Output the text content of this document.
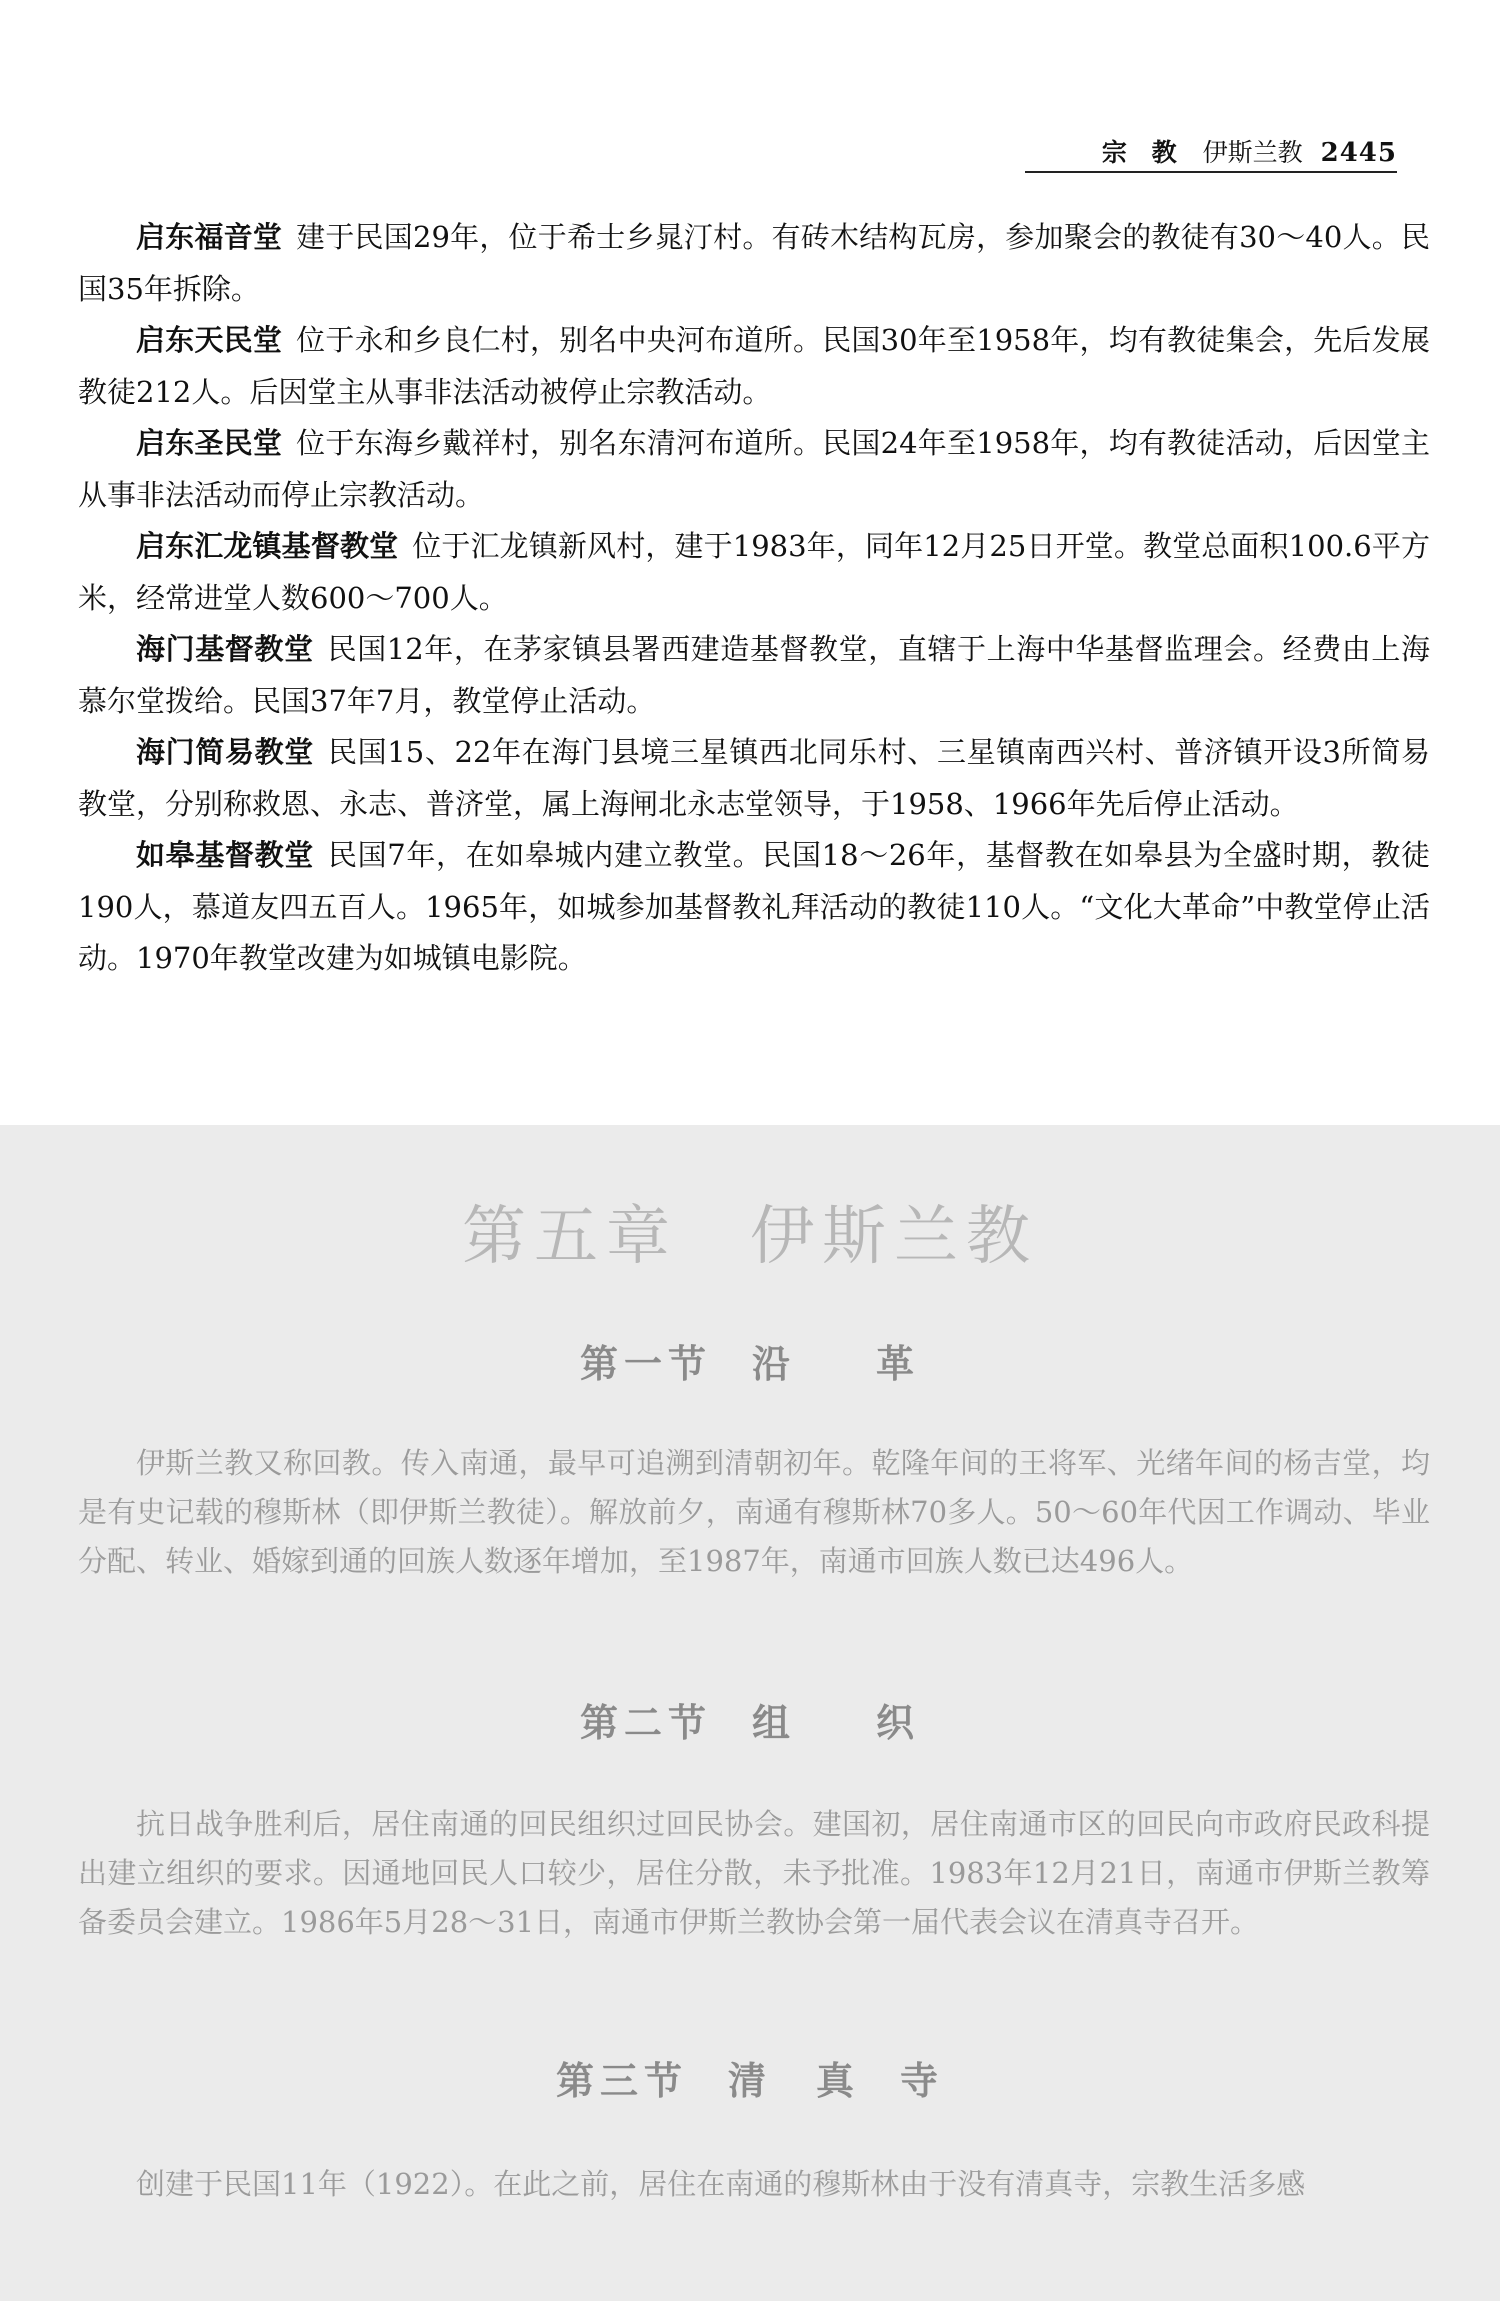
宗 教 伊斯兰教 2445

启东福音堂 建于民国29年，位于希士乡晁汀村。有砖木结构瓦房，参加聚会的教徒有30～40人。民国35年拆除。

启东天民堂 位于永和乡良仁村，别名中央河布道所。民国30年至1958年，均有教徒集会，先后发展教徒212人。后因堂主从事非法活动被停止宗教活动。

启东圣民堂 位于东海乡戴祥村，别名东清河布道所。民国24年至1958年，均有教徒活动，后因堂主从事非法活动而停止宗教活动。

启东汇龙镇基督教堂 位于汇龙镇新风村，建于1983年，同年12月25日开堂。教堂总面积100.6平方米，经常进堂人数600～700人。

海门基督教堂 民国12年，在茅家镇县署西建造基督教堂，直辖于上海中华基督监理会。经费由上海慕尔堂拨给。民国37年7月，教堂停止活动。

海门简易教堂 民国15、22年在海门县境三星镇西北同乐村、三星镇南西兴村、普济镇开设3所简易教堂，分别称救恩、永志、普济堂，属上海闸北永志堂领导，于1958、1966年先后停止活动。

如皋基督教堂 民国7年，在如皋城内建立教堂。民国18～26年，基督教在如皋县为全盛时期，教徒190人，慕道友四五百人。1965年，如城参加基督教礼拜活动的教徒110人。“文化大革命”中教堂停止活动。1970年教堂改建为如城镇电影院。

第五章　伊斯兰教
第一节 沿 革

伊斯兰教又称回教。传入南通，最早可追溯到清朝初年。乾隆年间的王将军、光绪年间的杨吉堂，均是有史记载的穆斯林（即伊斯兰教徒）。解放前夕，南通有穆斯林70多人。50～60年代因工作调动、毕业分配、转业、婚嫁到通的回族人数逐年增加，至1987年，南通市回族人数已达496人。

第二节 组 织

抗日战争胜利后，居住南通的回民组织过回民协会。建国初，居住南通市区的回民向市政府民政科提出建立组织的要求。因通地回民人口较少，居住分散，未予批准。1983年12月21日，南通市伊斯兰教筹备委员会建立。1986年5月28～31日，南通市伊斯兰教协会第一届代表会议在清真寺召开。

第三节 清　真 寺

创建于民国11年（1922）。在此之前，居住在南通的穆斯林由于没有清真寺，宗教生活多感
